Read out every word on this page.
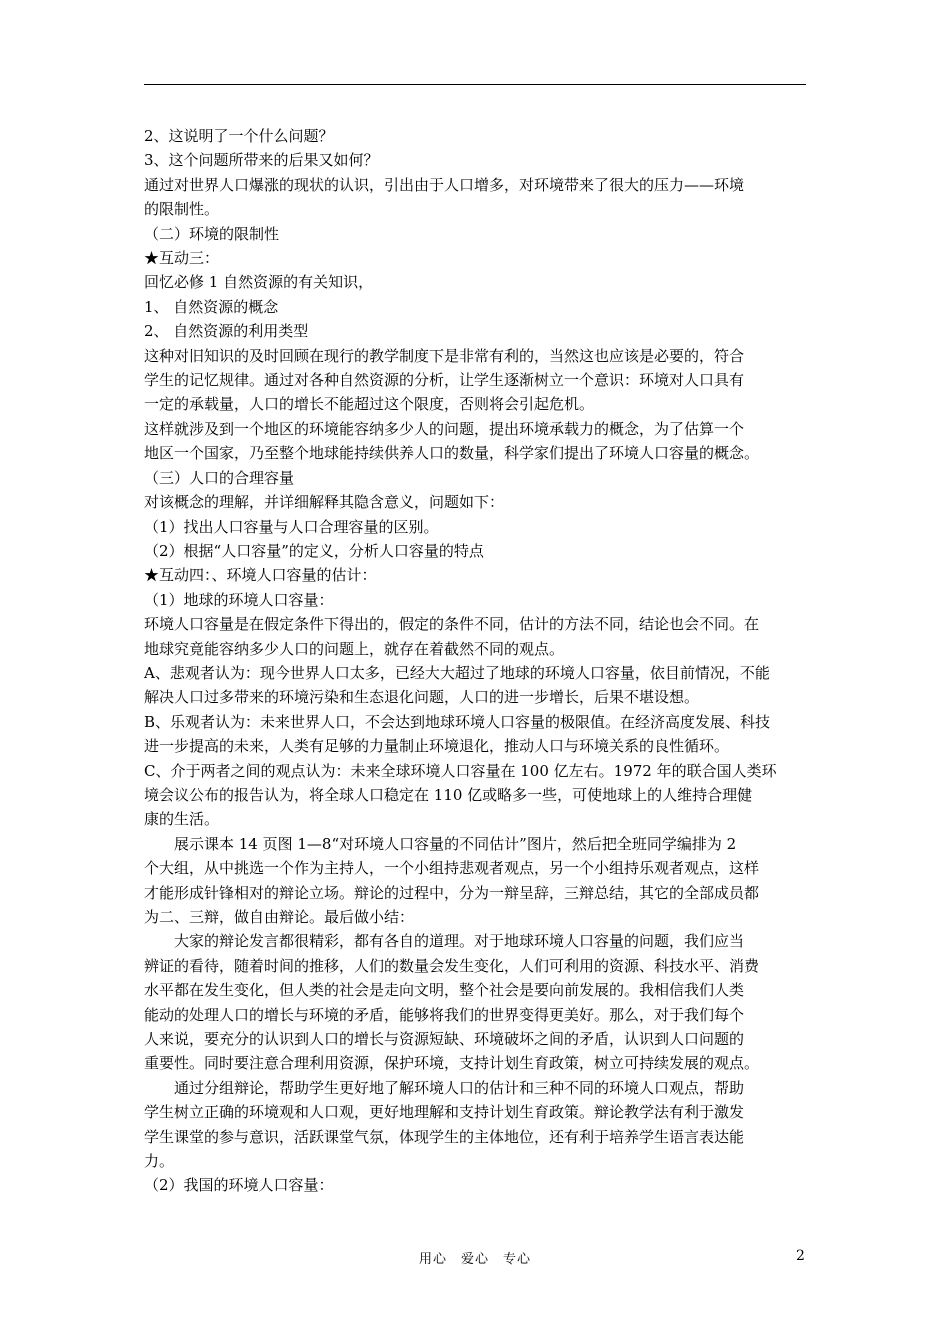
2、这说明了一个什么问题？

3、这个问题所带来的后果又如何？

通过对世界人口爆涨的现状的认识，引出由于人口增多，对环境带来了很大的压力——环境

的限制性。

（二）环境的限制性

★互动三：

回忆必修 1 自然资源的有关知识，

1、 自然资源的概念

2、 自然资源的利用类型

这种对旧知识的及时回顾在现行的教学制度下是非常有利的，当然这也应该是必要的，符合

学生的记忆规律。通过对各种自然资源的分析，让学生逐渐树立一个意识：环境对人口具有

一定的承载量，人口的增长不能超过这个限度，否则将会引起危机。

这样就涉及到一个地区的环境能容纳多少人的问题，提出环境承载力的概念，为了估算一个

地区一个国家，乃至整个地球能持续供养人口的数量，科学家们提出了环境人口容量的概念。

（三）人口的合理容量

对该概念的理解，并详细解释其隐含意义，问题如下：

（1）找出人口容量与人口合理容量的区别。

（2）根据“人口容量”的定义，分析人口容量的特点

★互动四：、环境人口容量的估计：

（1）地球的环境人口容量：

环境人口容量是在假定条件下得出的，假定的条件不同，估计的方法不同，结论也会不同。在

地球究竟能容纳多少人口的问题上，就存在着截然不同的观点。

A、悲观者认为：现今世界人口太多，已经大大超过了地球的环境人口容量，依目前情况，不能

解决人口过多带来的环境污染和生态退化问题，人口的进一步增长，后果不堪设想。

B、乐观者认为：未来世界人口，不会达到地球环境人口容量的极限值。在经济高度发展、科技

进一步提高的未来，人类有足够的力量制止环境退化，推动人口与环境关系的良性循环。

C、介于两者之间的观点认为：未来全球环境人口容量在 100 亿左右。1972 年的联合国人类环

境会议公布的报告认为，将全球人口稳定在 110 亿或略多一些，可使地球上的人维持合理健

康的生活。

　　展示课本 14 页图 1—8“对环境人口容量的不同估计”图片，然后把全班同学编排为 2

个大组，从中挑选一个作为主持人，一个小组持悲观者观点，另一个小组持乐观者观点，这样

才能形成针锋相对的辩论立场。辩论的过程中，分为一辩呈辞，三辩总结，其它的全部成员都

为二、三辩，做自由辩论。最后做小结：

　　大家的辩论发言都很精彩，都有各自的道理。对于地球环境人口容量的问题，我们应当

辨证的看待，随着时间的推移，人们的数量会发生变化，人们可利用的资源、科技水平、消费

水平都在发生变化，但人类的社会是走向文明，整个社会是要向前发展的。我相信我们人类

能动的处理人口的增长与环境的矛盾，能够将我们的世界变得更美好。那么，对于我们每个

人来说，要充分的认识到人口的增长与资源短缺、环境破坏之间的矛盾，认识到人口问题的

重要性。同时要注意合理利用资源，保护环境，支持计划生育政策，树立可持续发展的观点。

　　通过分组辩论，帮助学生更好地了解环境人口的估计和三种不同的环境人口观点，帮助

学生树立正确的环境观和人口观，更好地理解和支持计划生育政策。辩论教学法有利于激发

学生课堂的参与意识，活跃课堂气氛，体现学生的主体地位，还有利于培养学生语言表达能

力。

（2）我国的环境人口容量：

用心　爱心　专心	2
